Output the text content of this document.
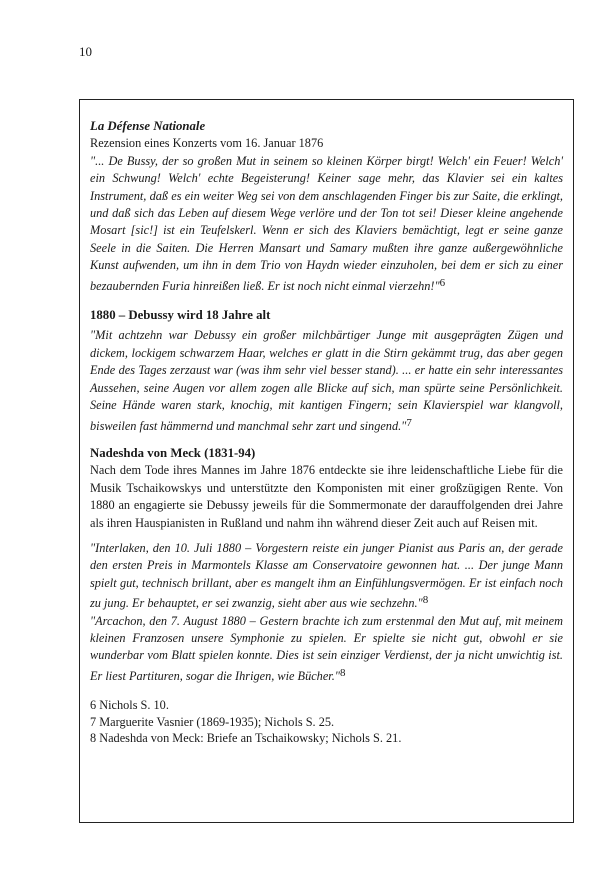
10

La Défense Nationale

Rezension eines Konzerts vom 16. Januar 1876

"... De Bussy, der so großen Mut in seinem so kleinen Körper birgt! Welch' ein Feuer! Welch' ein Schwung! Welch' echte Begeisterung! Keiner sage mehr, das Klavier sei ein kaltes Instrument, daß es ein weiter Weg sei von dem anschlagenden Finger bis zur Saite, die erklingt, und daß sich das Leben auf diesem Wege verlöre und der Ton tot sei! Dieser kleine angehende Mosart [sic!] ist ein Teufelskerl. Wenn er sich des Klaviers bemächtigt, legt er seine ganze Seele in die Saiten. Die Herren Mansart und Samary mußten ihre ganze außergewöhnliche Kunst aufwenden, um ihn in dem Trio von Haydn wieder einzuholen, bei dem er sich zu einer bezaubernden Furia hinreißen ließ. Er ist noch nicht einmal vierzehn!"6

1880 – Debussy wird 18 Jahre alt

"Mit achtzehn war Debussy ein großer milchbärtiger Junge mit ausgeprägten Zügen und dickem, lockigem schwarzem Haar, welches er glatt in die Stirn gekämmt trug, das aber gegen Ende des Tages zerzaust war (was ihm sehr viel besser stand). ... er hatte ein sehr interessantes Aussehen, seine Augen vor allem zogen alle Blicke auf sich, man spürte seine Persönlichkeit. Seine Hände waren stark, knochig, mit kantigen Fingern; sein Klavierspiel war klangvoll, bisweilen fast hämmernd und manchmal sehr zart und singend."7

Nadeshda von Meck (1831-94)

Nach dem Tode ihres Mannes im Jahre 1876 entdeckte sie ihre leidenschaftliche Liebe für die Musik Tschaikowskys und unterstützte den Komponisten mit einer großzügigen Rente. Von 1880 an engagierte sie Debussy jeweils für die Sommermonate der darauffolgenden drei Jahre als ihren Hauspianisten in Rußland und nahm ihn während dieser Zeit auch auf Reisen mit.

"Interlaken, den 10. Juli 1880 – Vorgestern reiste ein junger Pianist aus Paris an, der gerade den ersten Preis in Marmontels Klasse am Conservatoire gewonnen hat. ... Der junge Mann spielt gut, technisch brillant, aber es mangelt ihm an Einfühlungsvermögen. Er ist einfach noch zu jung. Er behauptet, er sei zwanzig, sieht aber aus wie sechzehn."8

"Arcachon, den 7. August 1880 – Gestern brachte ich zum erstenmal den Mut auf, mit meinem kleinen Franzosen unsere Symphonie zu spielen. Er spielte sie nicht gut, obwohl er sie wunderbar vom Blatt spielen konnte. Dies ist sein einziger Verdienst, der ja nicht unwichtig ist. Er liest Partituren, sogar die Ihrigen, wie Bücher."8

6 Nichols S. 10.

7 Marguerite Vasnier (1869-1935); Nichols S. 25.

8 Nadeshda von Meck: Briefe an Tschaikowsky; Nichols S. 21.
